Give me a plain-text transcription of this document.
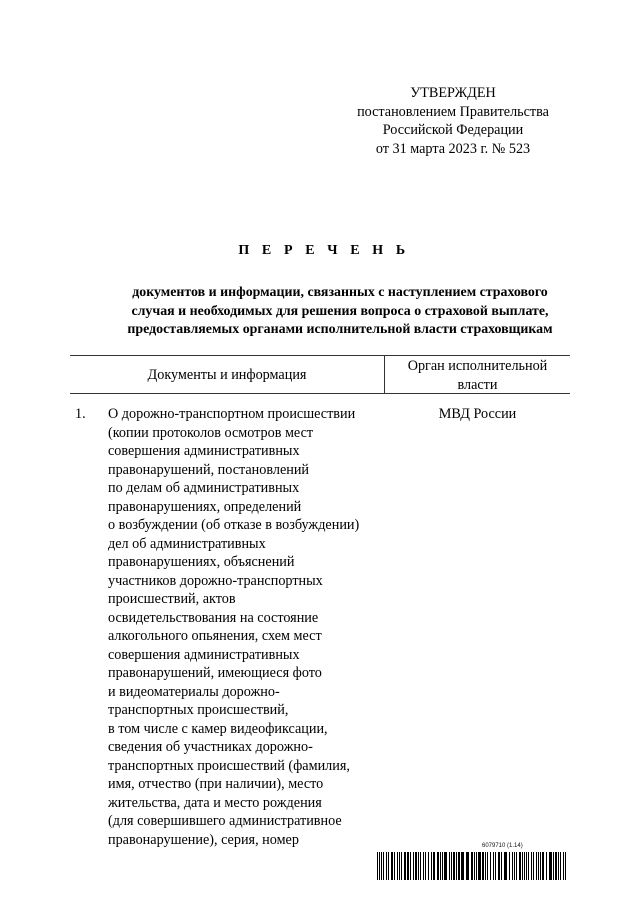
УТВЕРЖДЕН
постановлением Правительства
Российской Федерации
от 31 марта 2023 г. № 523
П Е Р Е Ч Е Н Ь
документов и информации, связанных с наступлением страхового
случая и необходимых для решения вопроса о страховой выплате,
предоставляемых органами исполнительной власти страховщикам
Документы и информация
Орган исполнительной
власти
1. О дорожно-транспортном происшествии
(копии протоколов осмотров мест
совершения административных
правонарушений, постановлений
по делам об административных
правонарушениях, определений
о возбуждении (об отказе в возбуждении)
дел об административных
правонарушениях, объяснений
участников дорожно-транспортных
происшествий, актов
освидетельствования на состояние
алкогольного опьянения, схем мест
совершения административных
правонарушений, имеющиеся фото
и видеоматериалы дорожно-
транспортных происшествий,
в том числе с камер видеофиксации,
сведения об участниках дорожно-
транспортных происшествий (фамилия,
имя, отчество (при наличии), место
жительства, дата и место рождения
(для совершившего административное
правонарушение), серия, номер
МВД России
6079710 (1.14)
